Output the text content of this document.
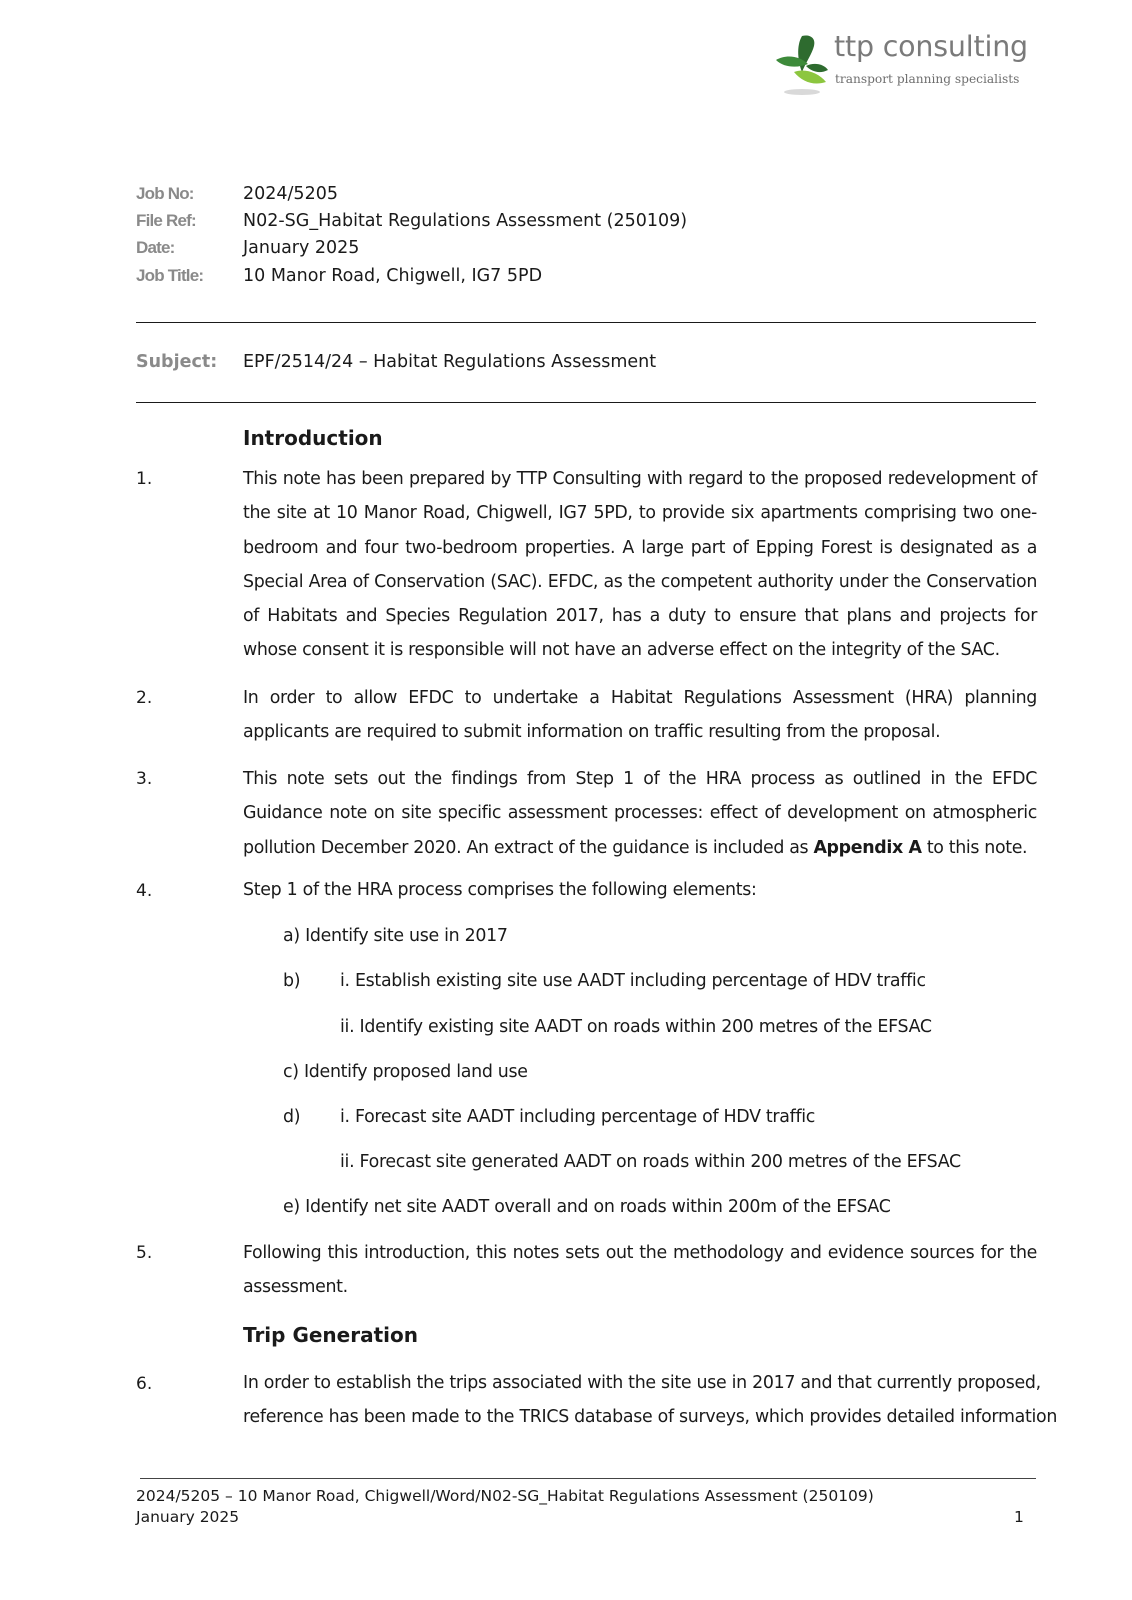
ttp consulting
transport planning specialists
Job No:	2024/5205
File Ref:	N02-SG_Habitat Regulations Assessment (250109)
Date:	January 2025
Job Title: 10 Manor Road, Chigwell, IG7 5PD
Subject: EPF/2514/24 – Habitat Regulations Assessment
Introduction
1.	This note has been prepared by TTP Consulting with regard to the proposed redevelopment of the site at 10 Manor Road, Chigwell, IG7 5PD, to provide six apartments comprising two one-bedroom and four two-bedroom properties. A large part of Epping Forest is designated as a Special Area of Conservation (SAC). EFDC, as the competent authority under the Conservation of Habitats and Species Regulation 2017, has a duty to ensure that plans and projects for whose consent it is responsible will not have an adverse effect on the integrity of the SAC.
2.	In order to allow EFDC to undertake a Habitat Regulations Assessment (HRA) planning applicants are required to submit information on traffic resulting from the proposal.
3.	This note sets out the findings from Step 1 of the HRA process as outlined in the EFDC Guidance note on site specific assessment processes: effect of development on atmospheric pollution December 2020. An extract of the guidance is included as Appendix A to this note.
4.	Step 1 of the HRA process comprises the following elements:
a) Identify site use in 2017
b) i. Establish existing site use AADT including percentage of HDV traffic
ii. Identify existing site AADT on roads within 200 metres of the EFSAC
c) Identify proposed land use
d) i. Forecast site AADT including percentage of HDV traffic
ii. Forecast site generated AADT on roads within 200 metres of the EFSAC
e) Identify net site AADT overall and on roads within 200m of the EFSAC
5.	Following this introduction, this notes sets out the methodology and evidence sources for the assessment.
Trip Generation
6.	In order to establish the trips associated with the site use in 2017 and that currently proposed,
reference has been made to the TRICS database of surveys, which provides detailed information
2024/5205 – 10 Manor Road, Chigwell/Word/N02-SG_Habitat Regulations Assessment (250109)
January 2025	1
